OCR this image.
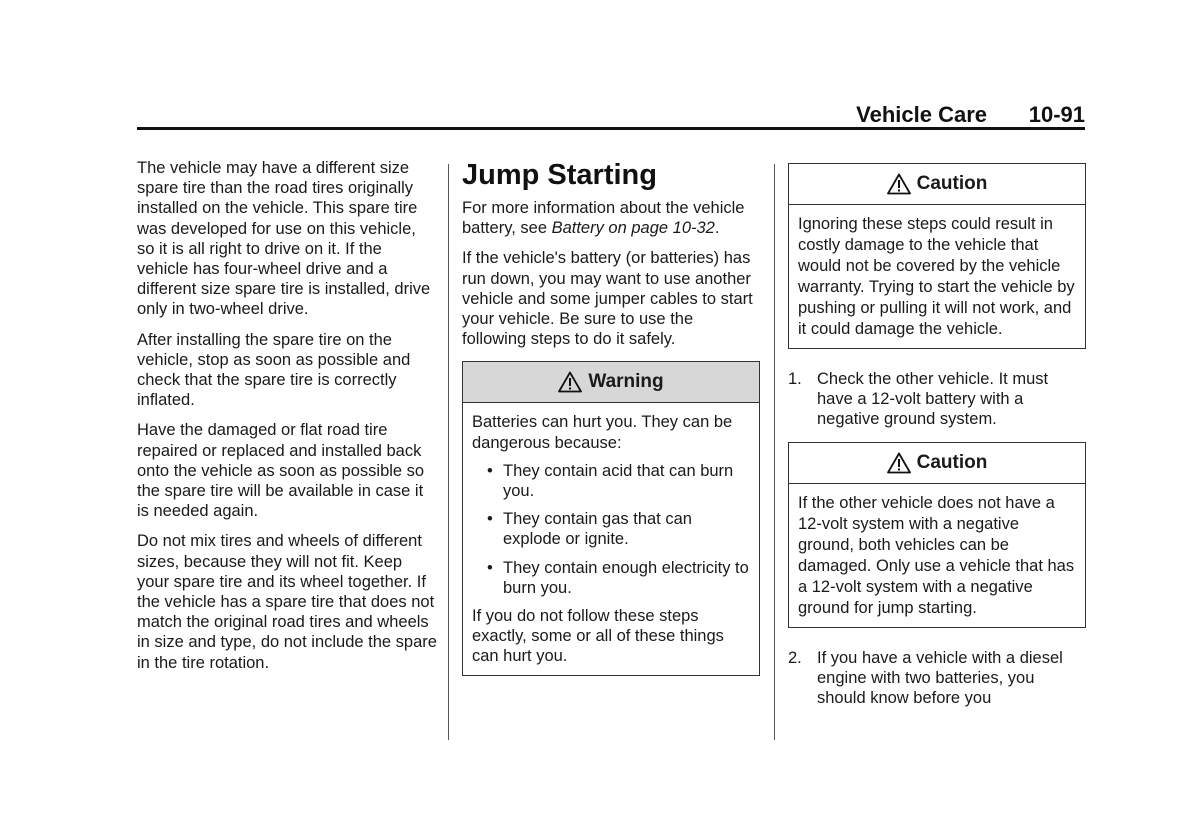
Vehicle Care 10-91

The vehicle may have a different size spare tire than the road tires originally installed on the vehicle. This spare tire was developed for use on this vehicle, so it is all right to drive on it. If the vehicle has four-wheel drive and a different size spare tire is installed, drive only in two-wheel drive.

After installing the spare tire on the vehicle, stop as soon as possible and check that the spare tire is correctly inflated.

Have the damaged or flat road tire repaired or replaced and installed back onto the vehicle as soon as possible so the spare tire will be available in case it is needed again.

Do not mix tires and wheels of different sizes, because they will not fit. Keep your spare tire and its wheel together. If the vehicle has a spare tire that does not match the original road tires and wheels in size and type, do not include the spare in the tire rotation.

Jump Starting

For more information about the vehicle battery, see Battery on page 10-32.

If the vehicle's battery (or batteries) has run down, you may want to use another vehicle and some jumper cables to start your vehicle. Be sure to use the following steps to do it safely.

Warning

Batteries can hurt you. They can be dangerous because:

• They contain acid that can burn you.
• They contain gas that can explode or ignite.
• They contain enough electricity to burn you.

If you do not follow these steps exactly, some or all of these things can hurt you.

Caution

Ignoring these steps could result in costly damage to the vehicle that would not be covered by the vehicle warranty. Trying to start the vehicle by pushing or pulling it will not work, and it could damage the vehicle.

1. Check the other vehicle. It must have a 12-volt battery with a negative ground system.
Caution

If the other vehicle does not have a 12-volt system with a negative ground, both vehicles can be damaged. Only use a vehicle that has a 12-volt system with a negative ground for jump starting.

2. If you have a vehicle with a diesel engine with two batteries, you should know before you
